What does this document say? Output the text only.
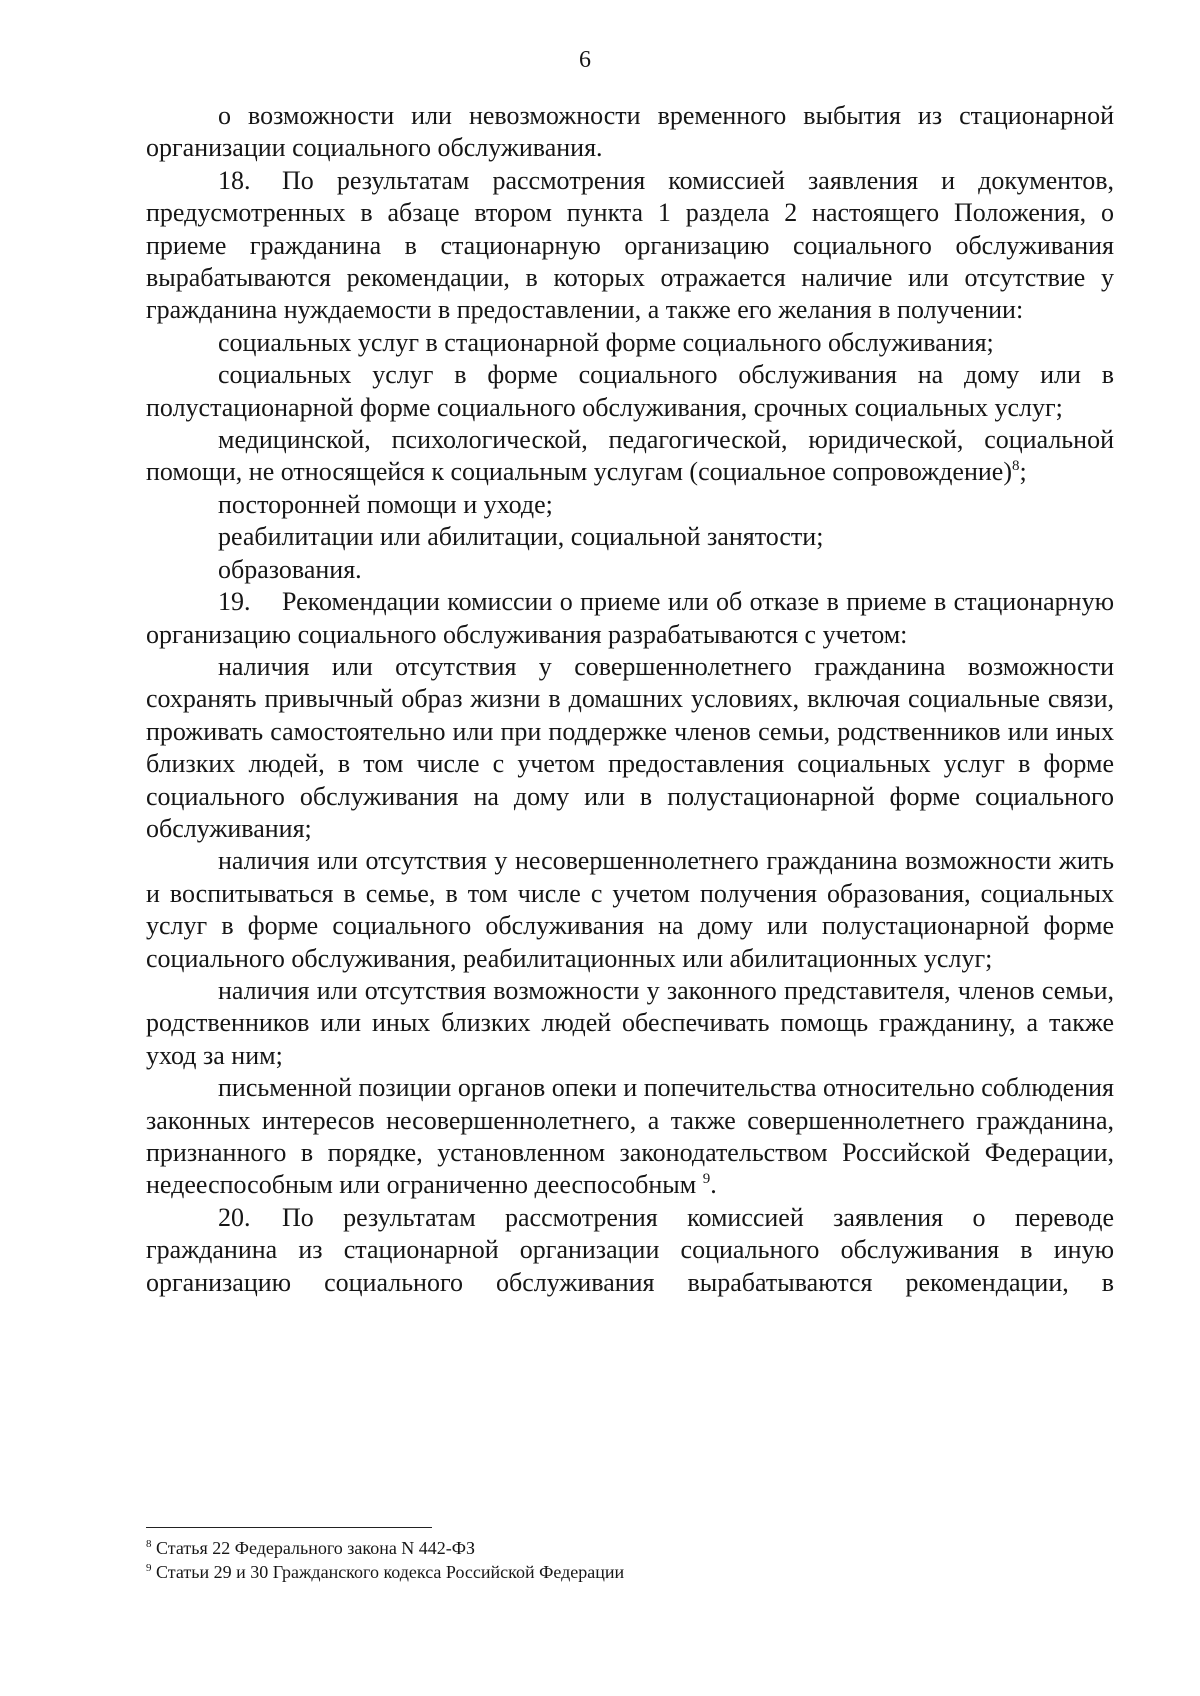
6

о возможности или невозможности временного выбытия из стационарной организации социального обслуживания.

18. По результатам рассмотрения комиссией заявления и документов, предусмотренных в абзаце втором пункта 1 раздела 2 настоящего Положения, о приеме гражданина в стационарную организацию социального обслуживания вырабатываются рекомендации, в которых отражается наличие или отсутствие у гражданина нуждаемости в предоставлении, а также его желания в получении:

социальных услуг в стационарной форме социального обслуживания;

социальных услуг в форме социального обслуживания на дому или в полустационарной форме социального обслуживания, срочных социальных услуг;

медицинской, психологической, педагогической, юридической, социальной помощи, не относящейся к социальным услугам (социальное сопровождение)$^8$;

посторонней помощи и уходе;

реабилитации или абилитации, социальной занятости;

образования.

19. Рекомендации комиссии о приеме или об отказе в приеме в стационарную организацию социального обслуживания разрабатываются с учетом:

наличия или отсутствия у совершеннолетнего гражданина возможности сохранять привычный образ жизни в домашних условиях, включая социальные связи, проживать самостоятельно или при поддержке членов семьи, родственников или иных близких людей, в том числе с учетом предоставления социальных услуг в форме социального обслуживания на дому или в полустационарной форме социального обслуживания;

наличия или отсутствия у несовершеннолетнего гражданина возможности жить и воспитываться в семье, в том числе с учетом получения образования, социальных услуг в форме социального обслуживания на дому или полустационарной форме социального обслуживания, реабилитационных или абилитационных услуг;

наличия или отсутствия возможности у законного представителя, членов семьи, родственников или иных близких людей обеспечивать помощь гражданину, а также уход за ним;

письменной позиции органов опеки и попечительства относительно соблюдения законных интересов несовершеннолетнего, а также совершеннолетнего гражданина, признанного в порядке, установленном законодательством Российской Федерации, недееспособным или ограниченно дееспособным $^9$.

20. По результатам рассмотрения комиссией заявления о переводе гражданина из стационарной организации социального обслуживания в иную организацию социального обслуживания вырабатываются рекомендации, в

$^8$ Статья 22 Федерального закона N 442-ФЗ

$^9$ Статьи 29 и 30 Гражданского кодекса Российской Федерации
